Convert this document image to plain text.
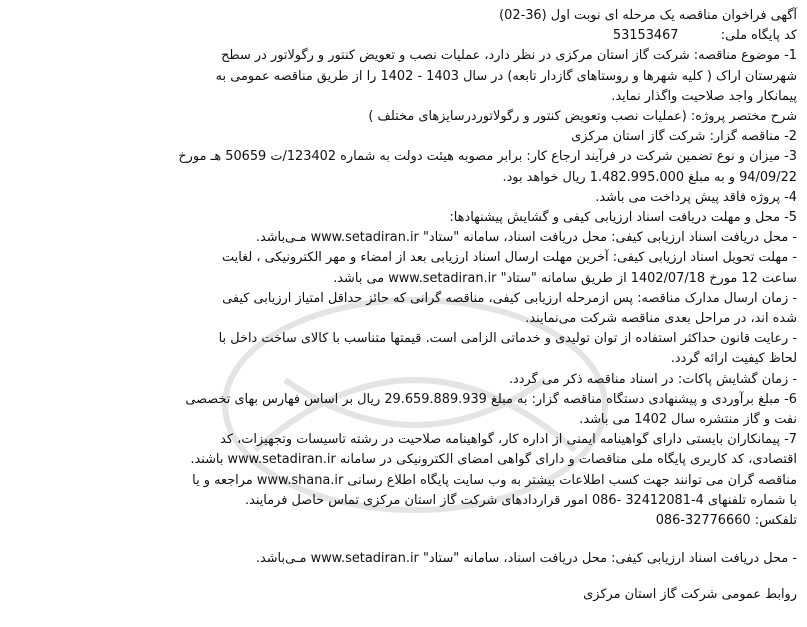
آگهی فراخوان مناقصه یک مرحله ای نوبت اول (36-02)

کد پایگاه ملی:  53153467

1- موضوع مناقصه: شرکت گاز استان مرکزی در نظر دارد، عملیات نصب و تعویض کنتور و رگولاتور در سطح

شهرستان اراک ( کلیه شهرها و روستاهای گازدار تابعه) در سال 1403 - 1402 را از طریق مناقصه عمومی به

پیمانکار واجد صلاحیت واگذار نماید.

شرح مختصر پروژه: (عملیات نصب وتعویض کنتور و رگولاتوردرسایزهای مختلف )

2- مناقصه گزار: شرکت گاز استان مرکزی

3- میزان و نوع تضمین شرکت در فرآیند ارجاع کار: برابر مصوبه هیئت دولت به شماره 123402/ت 50659 هـ مورخ

94/09/22 و به مبلغ 1.482.995.000 ریال خواهد بود.

4- پروژه فاقد پیش پرداخت می باشد.

5- محل و مهلت دریافت اسناد ارزیابی کیفی و گشایش پیشنهادها:

- محل دریافت اسناد ارزیابی کیفی: محل دریافت اسناد، سامانه "ستاد" www.setadiran.ir مـی‌باشد.

- مهلت تحویل اسناد ارزیابی کیفی: آخرین مهلت ارسال اسناد ارزیابی بعد از امضاء و مهر الکترونیکی ، لغایت

ساعت 12 مورخ 1402/07/18 از طریق سامانه "ستاد" www.setadiran.ir می باشد.

- زمان ارسال مدارک مناقصه: پس ازمرحله ارزیابی کیفی، مناقصه گرانی که حائز حداقل امتیاز ارزیابی کیفی

شده اند، در مراحل بعدی مناقصه شرکت می‌نمایند.

- رعایت قانون حداکثر استفاده از توان تولیدی و خدماتی الزامی است. قیمتها متناسب با کالای ساخت داخل با

لحاظ کیفیت ارائه گردد.

- زمان گشایش پاکات: در اسناد مناقصه ذکر می گردد.

6- مبلغ برآوردی و پیشنهادی دستگاه مناقصه گزار: به مبلغ 29.659.889.939 ریال بر اساس فهارس بهای تخصصی

نفت و گاز منتشره سال 1402 می باشد.

7- پیمانکاران بایستی دارای گواهینامه ایمنی از اداره کار، گواهینامه صلاحیت در رشته تاسیسات وتجهیزات، کد

اقتصادی، کد کاربری پایگاه ملی مناقصات و دارای گواهی امضای الکترونیکی در سامانه www.setadiran.ir باشند.

مناقصه گران می توانند جهت کسب اطلاعات بیشتر به وب سایت پایگاه اطلاع رسانی www.shana.ir مراجعه و یا

با شماره تلفنهای 4-32412081 -086 امور قراردادهای شرکت گاز استان مرکزی تماس حاصل فرمایند.

تلفکس: 32776660-086

- محل دریافت اسناد ارزیابی کیفی: محل دریافت اسناد، سامانه "ستاد" www.setadiran.ir مـی‌باشد.

روابط عمومی شرکت گاز استان مرکزی
